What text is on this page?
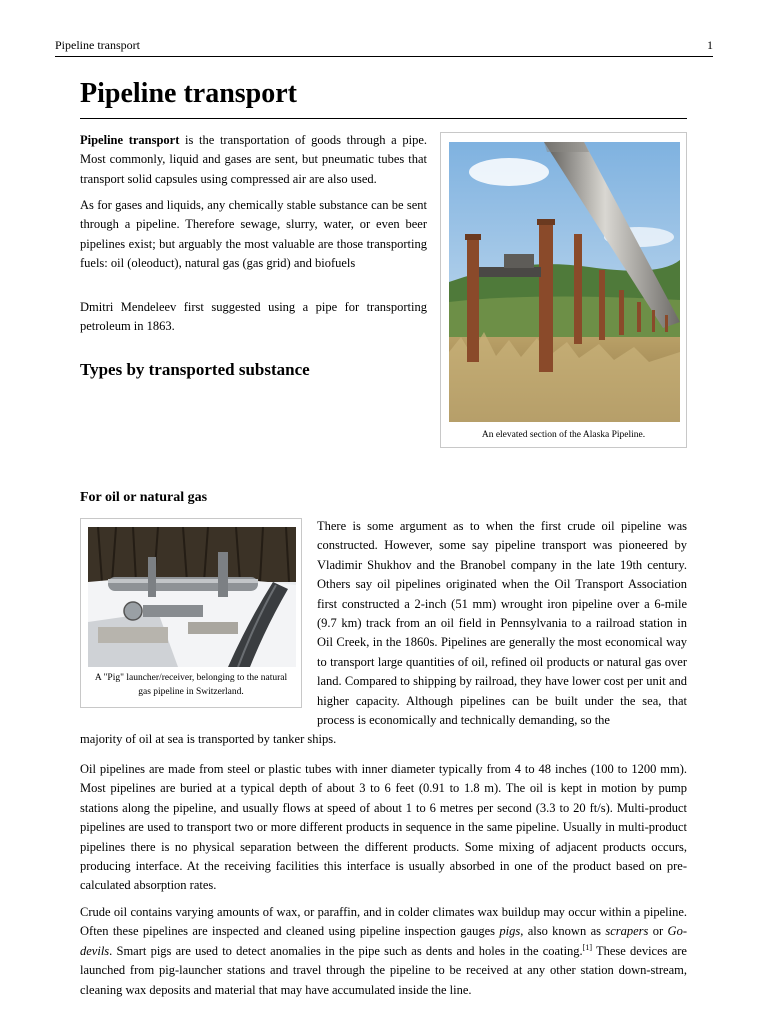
Pipeline transport	1
Pipeline transport

Pipeline transport is the transportation of goods through a pipe. Most commonly, liquid and gases are sent, but pneumatic tubes that transport solid capsules using compressed air are also used.

As for gases and liquids, any chemically stable substance can be sent through a pipeline. Therefore sewage, slurry, water, or even beer pipelines exist; but arguably the most valuable are those transporting fuels: oil (oleoduct), natural gas (gas grid) and biofuels

Dmitri Mendeleev first suggested using a pipe for transporting petroleum in 1863.

Types by transported substance
An elevated section of the Alaska Pipeline.
For oil or natural gas
A "Pig" launcher/receiver, belonging to the natural gas pipeline in Switzerland.

There is some argument as to when the first crude oil pipeline was constructed. However, some say pipeline transport was pioneered by Vladimir Shukhov and the Branobel company in the late 19th century. Others say oil pipelines originated when the Oil Transport Association first constructed a 2-inch (51 mm) wrought iron pipeline over a 6-mile (9.7 km) track from an oil field in Pennsylvania to a railroad station in Oil Creek, in the 1860s. Pipelines are generally the most economical way to transport large quantities of oil, refined oil products or natural gas over land. Compared to shipping by railroad, they have lower cost per unit and higher capacity. Although pipelines can be built under the sea, that process is economically and technically demanding, so the

majority of oil at sea is transported by tanker ships.

Oil pipelines are made from steel or plastic tubes with inner diameter typically from 4 to 48 inches (100 to 1200 mm). Most pipelines are buried at a typical depth of about 3 to 6 feet (0.91 to 1.8 m). The oil is kept in motion by pump stations along the pipeline, and usually flows at speed of about 1 to 6 metres per second (3.3 to 20 ft/s). Multi-product pipelines are used to transport two or more different products in sequence in the same pipeline. Usually in multi-product pipelines there is no physical separation between the different products. Some mixing of adjacent products occurs, producing interface. At the receiving facilities this interface is usually absorbed in one of the product based on pre-calculated absorption rates.

Crude oil contains varying amounts of wax, or paraffin, and in colder climates wax buildup may occur within a pipeline. Often these pipelines are inspected and cleaned using pipeline inspection gauges pigs, also known as scrapers or Go-devils. Smart pigs are used to detect anomalies in the pipe such as dents and holes in the coating.[1] These devices are launched from pig-launcher stations and travel through the pipeline to be received at any other station down-stream, cleaning wax deposits and material that may have accumulated inside the line.
